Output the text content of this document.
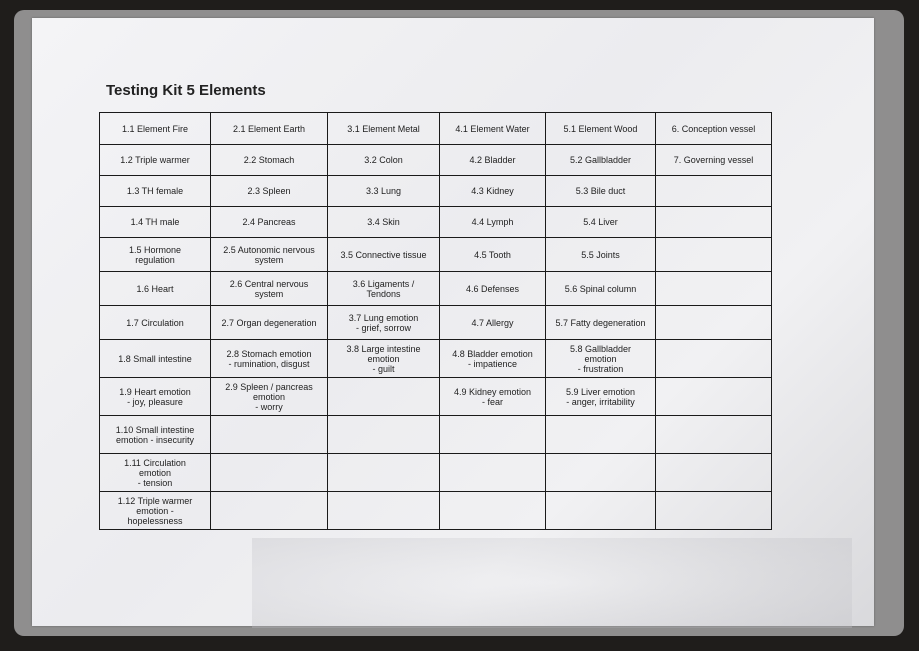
Testing Kit 5 Elements
1.1 Element Fire	2.1 Element Earth	3.1 Element Metal	4.1 Element Water	5.1 Element Wood	6. Conception vessel
1.2 Triple warmer	2.2 Stomach	3.2 Colon	4.2 Bladder	5.2 Gallbladder	7. Governing vessel
1.3 TH female	2.3 Spleen	3.3 Lung	4.3 Kidney	5.3 Bile duct	
1.4 TH male	2.4 Pancreas	3.4 Skin	4.4 Lymph	5.4 Liver	
1.5 Hormone
regulation	2.5 Autonomic nervous
system	3.5 Connective tissue	4.5 Tooth	5.5 Joints	
1.6 Heart	2.6 Central nervous
system	3.6 Ligaments /
Tendons	4.6 Defenses	5.6 Spinal column	
1.7 Circulation	2.7 Organ degeneration	3.7 Lung emotion
- grief, sorrow	4.7 Allergy	5.7 Fatty degeneration	
1.8 Small intestine	2.8 Stomach emotion
- rumination, disgust	3.8 Large intestine
emotion
- guilt	4.8 Bladder emotion
- impatience	5.8 Gallbladder
emotion
- frustration	
1.9 Heart emotion
- joy, pleasure	2.9 Spleen / pancreas
emotion
- worry		4.9 Kidney emotion
- fear	5.9 Liver emotion
- anger, irritability	
1.10 Small intestine
emotion - insecurity					
1.11 Circulation
emotion
- tension					
1.12 Triple warmer
emotion -
hopelessness					
